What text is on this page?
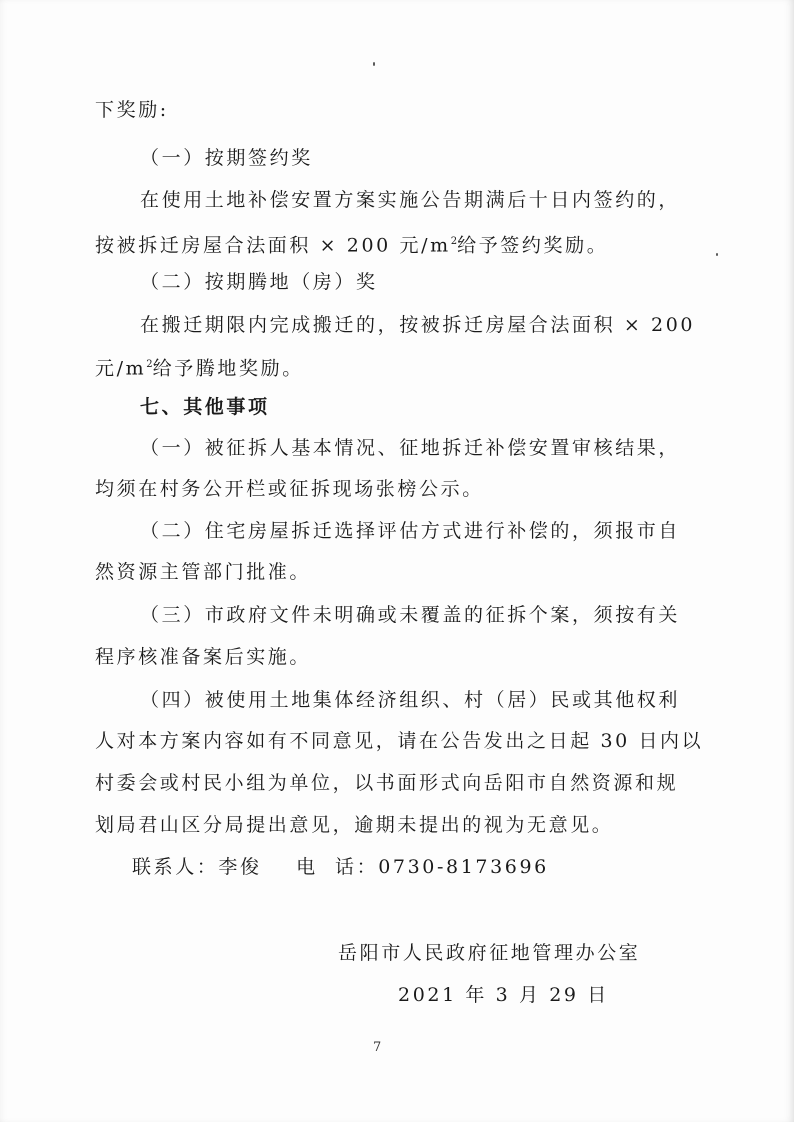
下奖励:
（一）按期签约奖
在使用土地补偿安置方案实施公告期满后十日内签约的，
按被拆迁房屋合法面积 × 200 元$/m^2$给予签约奖励。
（二）按期腾地（房）奖
在搬迁期限内完成搬迁的，按被拆迁房屋合法面积 × 200
元$/m^2$给予腾地奖励。
七、其他事项
（一）被征拆人基本情况、征地拆迁补偿安置审核结果，
均须在村务公开栏或征拆现场张榜公示。
（二）住宅房屋拆迁选择评估方式进行补偿的，须报市自
然资源主管部门批准。
（三）市政府文件未明确或未覆盖的征拆个案，须按有关
程序核准备案后实施。
（四）被使用土地集体经济组织、村（居）民或其他权利
人对本方案内容如有不同意见，请在公告发出之日起 30 日内以
村委会或村民小组为单位，以书面形式向岳阳市自然资源和规
划局君山区分局提出意见，逾期未提出的视为无意见。
联系人：李俊    电  话：0730-8173696
岳阳市人民政府征地管理办公室
2021 年 3 月 29 日
7
